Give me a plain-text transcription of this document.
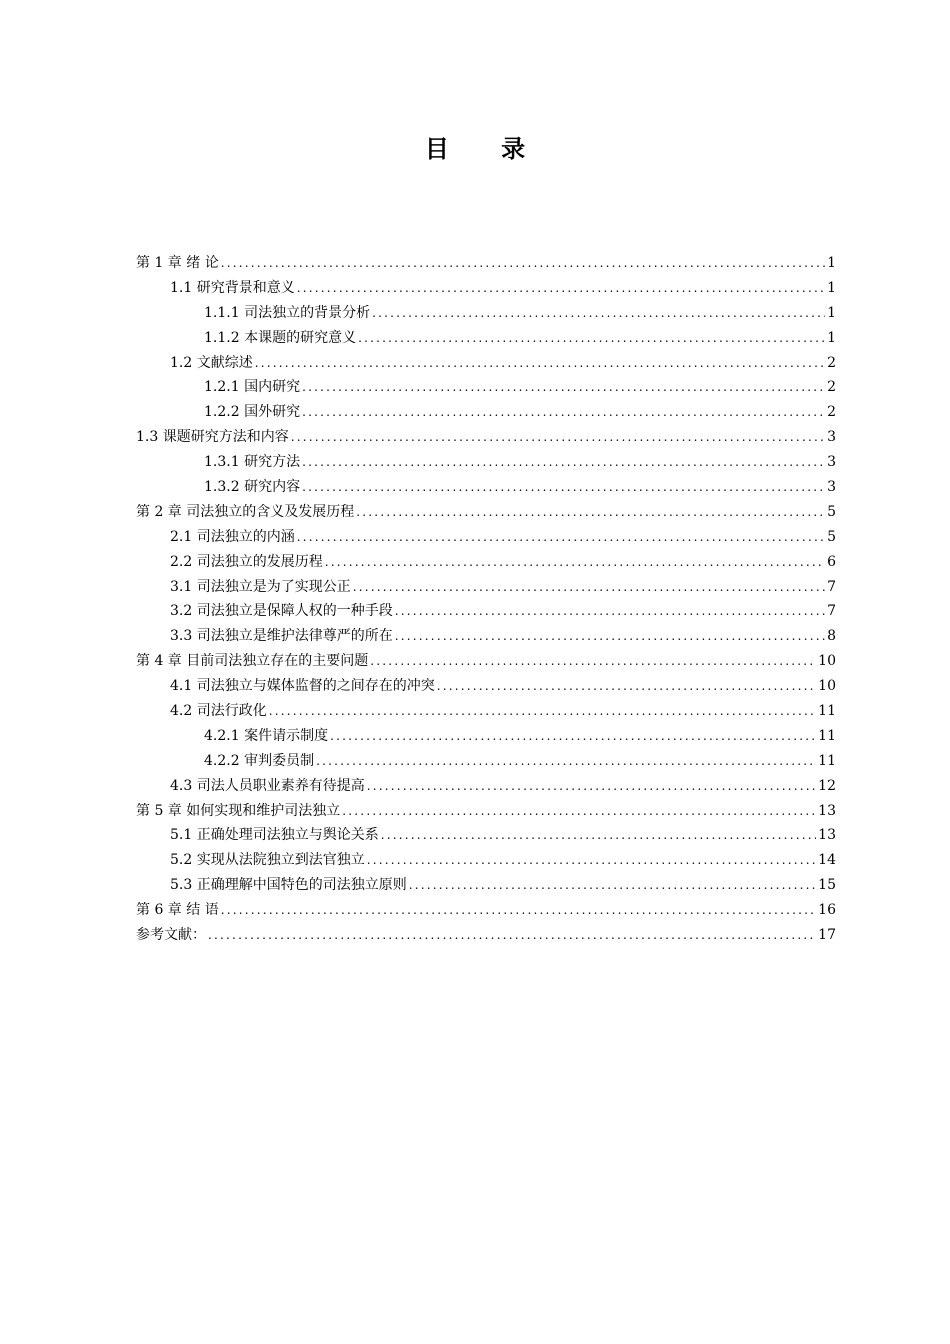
目 录
第 1 章 绪 论 .....	1
1.1 研究背景和意义 .....	1
1.1.1 司法独立的背景分析 .....	1
1.1.2 本课题的研究意义 .....	1
1.2 文献综述 .....	2
1.2.1 国内研究 .....	2
1.2.2 国外研究 .....	2
1.3 课题研究方法和内容 .....	3
1.3.1 研究方法 .....	3
1.3.2 研究内容 .....	3
第 2 章 司法独立的含义及发展历程 .....	5
2.1 司法独立的内涵 .....	5
2.2 司法独立的发展历程 .....	6
3.1 司法独立是为了实现公正 .....	7
3.2 司法独立是保障人权的一种手段 .....	7
3.3 司法独立是维护法律尊严的所在 .....	8
第 4 章 目前司法独立存在的主要问题 .....	10
4.1 司法独立与媒体监督的之间存在的冲突 .....	10
4.2 司法行政化 .....	11
4.2.1 案件请示制度 .....	11
4.2.2 审判委员制 .....	11
4.3 司法人员职业素养有待提高 .....	12
第 5 章 如何实现和维护司法独立 .....	13
5.1 正确处理司法独立与舆论关系 .....	13
5.2 实现从法院独立到法官独立 .....	14
5.3 正确理解中国特色的司法独立原则 .....	15
第 6 章 结 语 .....	16
参考文献： .....	17
